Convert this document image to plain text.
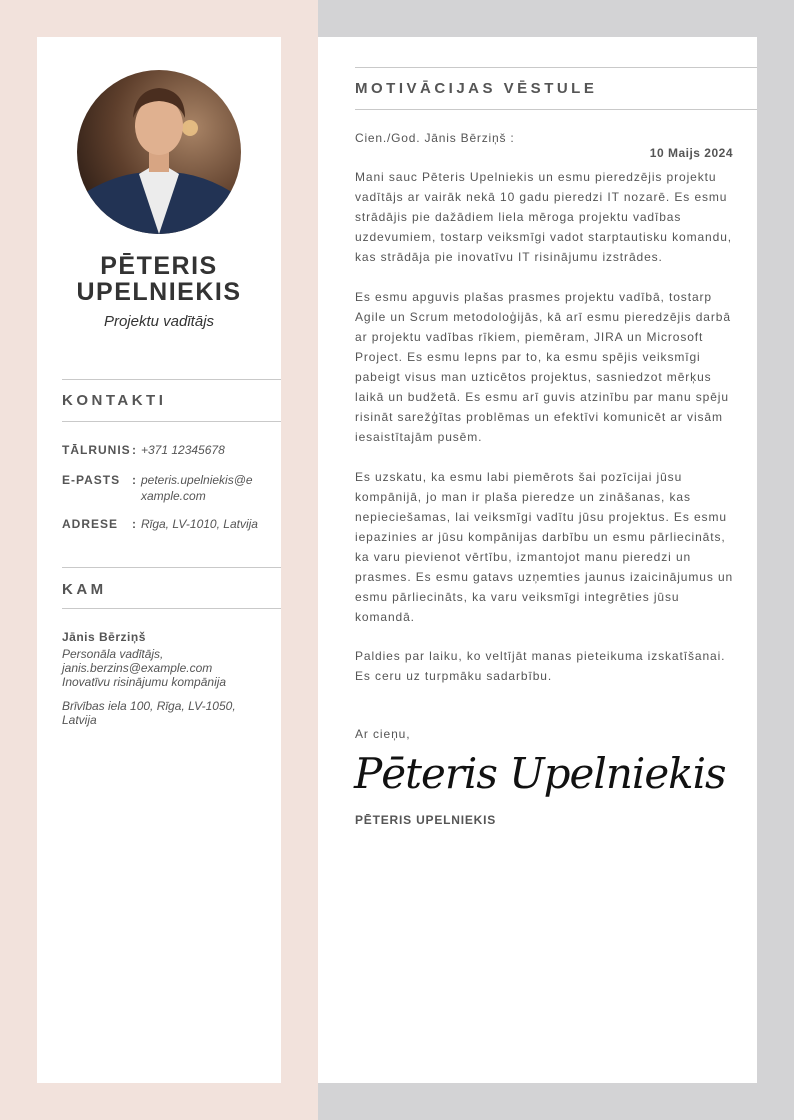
PĒTERIS
UPELNIEKIS
Projektu vadītājs
KONTAKTI
TĀLRUNIS : +371 12345678
E-PASTS : peteris.upelniekis@e xample.com
ADRESE	: Rīga, LV-1010, Latvija
KAM
Jānis Bērziņš
Personāla vadītājs,
janis.berzins@example.com
Inovatīvu risinājumu kompānija
Brīvības iela 100, Rīga, LV-1050, Latvija
MOTIVĀCIJAS VĒSTULE
Cien./God. Jānis Bērziņš :
10 Maijs 2024

Mani sauc Pēteris Upelniekis un esmu pieredzējis projektu vadītājs ar vairāk nekā 10 gadu pieredzi IT nozarē. Es esmu strādājis pie dažādiem liela mēroga projektu vadības uzdevumiem, tostarp veiksmīgi vadot starptautisku komandu, kas strādāja pie inovatīvu IT risinājumu izstrādes.

Es esmu apguvis plašas prasmes projektu vadībā, tostarp Agile un Scrum metodoloģijās, kā arī esmu pieredzējis darbā ar projektu vadības rīkiem, piemēram, JIRA un Microsoft Project. Es esmu lepns par to, ka esmu spējis veiksmīgi pabeigt visus man uzticētos projektus, sasniedzot mērķus laikā un budžetā. Es esmu arī guvis atzinību par manu spēju risināt sarežģītas problēmas un efektīvi komunicēt ar visām iesaistītajām pusēm.

Es uzskatu, ka esmu labi piemērots šai pozīcijai jūsu kompānijā, jo man ir plaša pieredze un zināšanas, kas nepieciešamas, lai veiksmīgi vadītu jūsu projektus. Es esmu iepazinies ar jūsu kompānijas darbību un esmu pārliecināts, ka varu pievienot vērtību, izmantojot manu pieredzi un prasmes. Es esmu gatavs uzņemties jaunus izaicinājumus un esmu pārliecināts, ka varu veiksmīgi integrēties jūsu komandā.

Paldies par laiku, ko veltījāt manas pieteikuma izskatīšanai. Es ceru uz turpmāku sadarbību.

Ar cieņu,
Pēteris Upelniekis
PĒTERIS UPELNIEKIS
